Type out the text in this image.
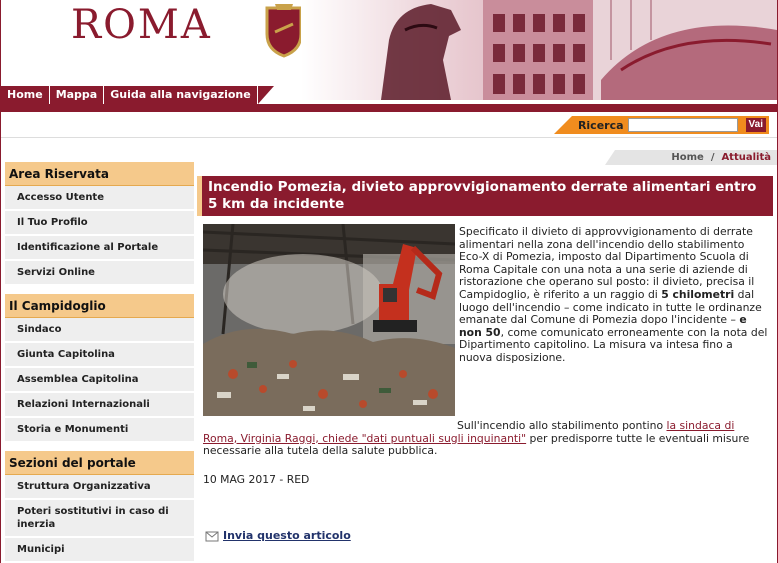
ROMA
Home	Mappa	Guida alla navigazione
Ricerca	Vai
Home / Attualità
Area Riservata
Accesso Utente
Il Tuo Profilo
Identificazione al Portale
Servizi Online
Il Campidoglio
Sindaco
Giunta Capitolina
Assemblea Capitolina
Relazioni Internazionali
Storia e Monumenti
Sezioni del portale
Struttura Organizzativa
Poteri sostitutivi in caso di inerzia
Municipi
Incendio Pomezia, divieto approvvigionamento derrate alimentari entro 5 km da incidente
Specificato il divieto di approvvigionamento di derrate alimentari nella zona dell'incendio dello stabilimento Eco-X di Pomezia, imposto dal Dipartimento Scuola di Roma Capitale con una nota a una serie di aziende di ristorazione che operano sul posto: il divieto, precisa il Campidoglio, è riferito a un raggio di 5 chilometri dal luogo dell'incendio – come indicato in tutte le ordinanze emanate dal Comune di Pomezia dopo l'incidente – e non 50, come comunicato erroneamente con la nota del Dipartimento capitolino. La misura va intesa fino a nuova disposizione.
Sull'incendio allo stabilimento pontino la sindaca di Roma, Virginia Raggi, chiede "dati puntuali sugli inquinanti" per predisporre tutte le eventuali misure necessarie alla tutela della salute pubblica.
10 MAG 2017 - RED
Invia questo articolo
